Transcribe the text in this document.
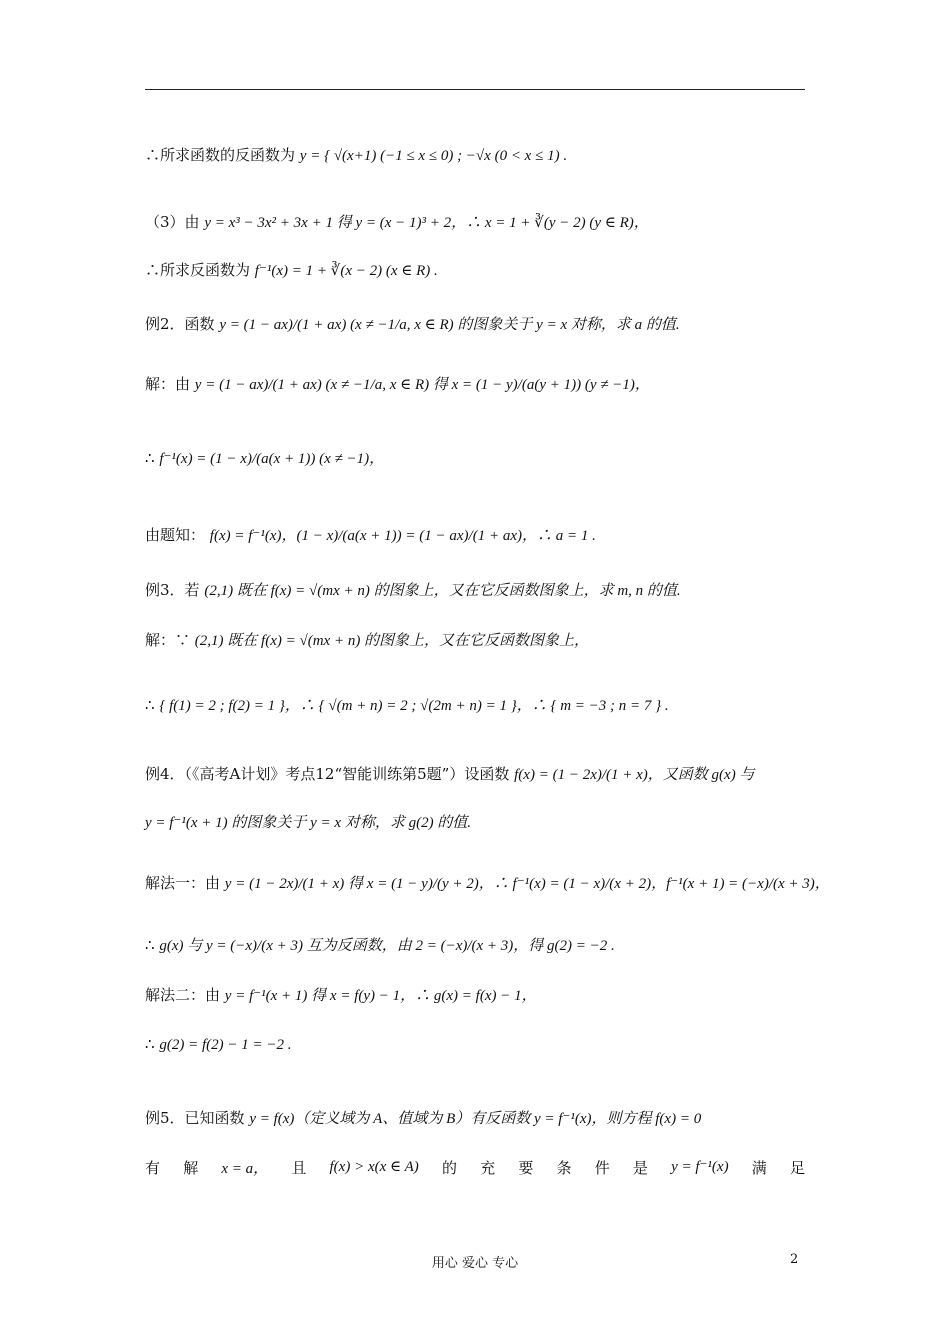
∴所求函数的反函数为 y = { √(x+1) (−1 ≤ x ≤ 0) ; −√x (0 < x ≤ 1) .
（3）由 y = x³ − 3x² + 3x + 1 得 y = (x − 1)³ + 2，∴ x = 1 + ∛(y − 2) (y ∈ R)，
∴所求反函数为 f⁻¹(x) = 1 + ∛(x − 2) (x ∈ R) .
例2．函数 y = (1 − ax)/(1 + ax) (x ≠ −1/a, x ∈ R) 的图象关于 y = x 对称，求 a 的值.
解：由 y = (1 − ax)/(1 + ax) (x ≠ −1/a, x ∈ R) 得 x = (1 − y)/(a(y + 1)) (y ≠ −1)，
∴ f⁻¹(x) = (1 − x)/(a(x + 1)) (x ≠ −1)，
由题知： f(x) = f⁻¹(x)，(1 − x)/(a(x + 1)) = (1 − ax)/(1 + ax)，∴ a = 1 .
例3．若 (2,1) 既在 f(x) = √(mx + n) 的图象上，又在它反函数图象上，求 m, n 的值.
解：∵ (2,1) 既在 f(x) = √(mx + n) 的图象上，又在它反函数图象上，
∴ { f(1) = 2 ; f(2) = 1 }，∴ { √(m + n) = 2 ; √(2m + n) = 1 }，∴ { m = −3 ; n = 7 } .
例4．（《高考A计划》考点12“智能训练第5题”）设函数 f(x) = (1 − 2x)/(1 + x)，又函数 g(x) 与
y = f⁻¹(x + 1) 的图象关于 y = x 对称，求 g(2) 的值.
解法一：由 y = (1 − 2x)/(1 + x) 得 x = (1 − y)/(y + 2)，∴ f⁻¹(x) = (1 − x)/(x + 2)，f⁻¹(x + 1) = (−x)/(x + 3)，
∴ g(x) 与 y = (−x)/(x + 3) 互为反函数，由 2 = (−x)/(x + 3)，得 g(2) = −2 .
解法二：由 y = f⁻¹(x + 1) 得 x = f(y) − 1，∴ g(x) = f(x) − 1，
∴ g(2) = f(2) − 1 = −2 .
例5．已知函数 y = f(x)（定义域为 A、值域为 B）有反函数 y = f⁻¹(x)，则方程 f(x) = 0
有 解 x = a， 且 f(x) > x(x ∈ A) 的 充 要 条 件 是 y = f⁻¹(x) 满 足
用心 爱心 专心	2
